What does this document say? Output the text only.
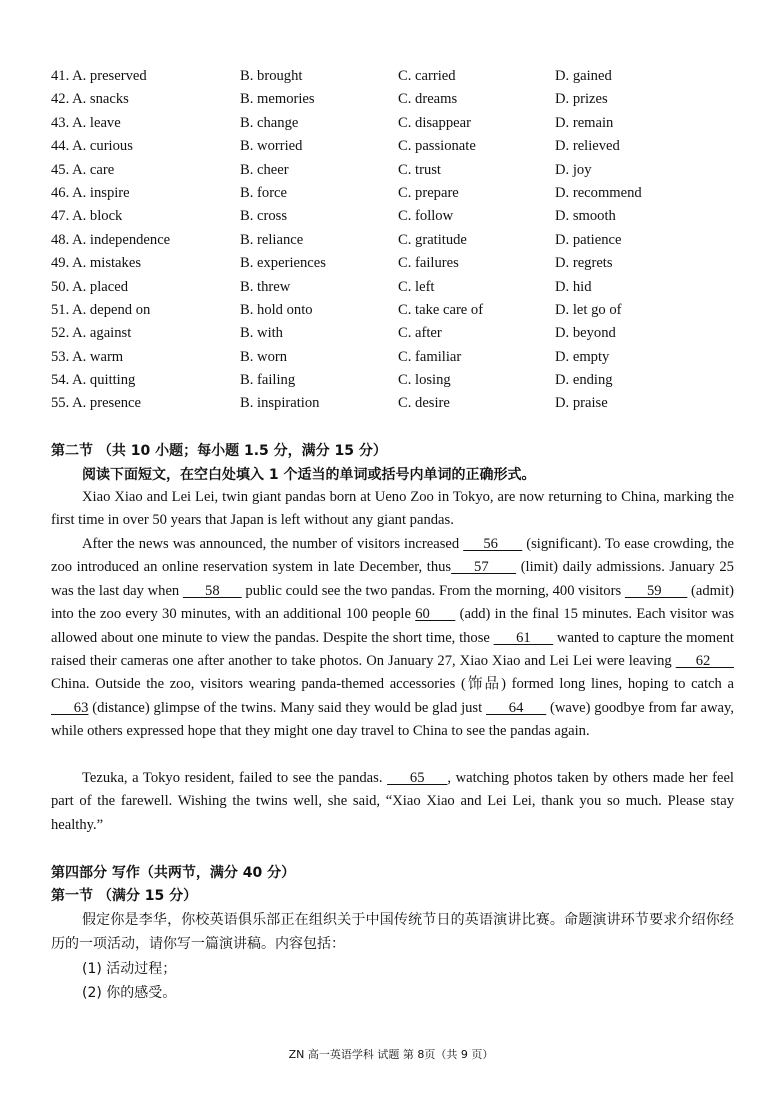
41. A. preserved	B. brought	C. carried	D. gained
42. A. snacks	B. memories	C. dreams	D. prizes
43. A. leave	B. change	C. disappear	D. remain
44. A. curious	B. worried	C. passionate	D. relieved
45. A. care	B. cheer	C. trust	D. joy
46. A. inspire	B. force	C. prepare	D. recommend
47. A. block	B. cross	C. follow	D. smooth
48. A. independence	B. reliance	C. gratitude	D. patience
49. A. mistakes	B. experiences	C. failures	D. regrets
50. A. placed	B. threw	C. left	D. hid
51. A. depend on	B. hold onto	C. take care of	D. let go of
52. A. against	B. with	C. after	D. beyond
53. A. warm	B. worn	C. familiar	D. empty
54. A. quitting	B. failing	C. losing	D. ending
55. A. presence	B. inspiration	C. desire	D. praise
第二节 （共 10 小题；每小题 1.5 分，满分 15 分）
阅读下面短文，在空白处填入 1 个适当的单词或括号内单词的正确形式。
Xiao Xiao and Lei Lei, twin giant pandas born at Ueno Zoo in Tokyo, are now returning to China, marking the first time in over 50 years that Japan is left without any giant pandas.
After the news was announced, the number of visitors increased      56       (significant). To ease crowding, the zoo introduced an online reservation system in late December, thus     57       (limit) daily admissions. January 25 was the last day when       58       public could see the two pandas. From the morning, 400 visitors       59        (admit) into the zoo every 30 minutes, with an additional 100 people 60       (add) in the final 15 minutes. Each visitor was allowed about one minute to view the pandas. Despite the short time, those       61       wanted to capture the moment raised their cameras one after another to take photos. On January 27, Xiao Xiao and Lei Lei were leaving      62       China. Outside the zoo, visitors wearing panda-themed accessories (饰品) formed long lines, hoping to catch a       63 (distance) glimpse of the twins. Many said they would be glad just       64       (wave) goodbye from far away, while others expressed hope that they might one day travel to China to see the pandas again.
Tezuka, a Tokyo resident, failed to see the pandas.      65     , watching photos taken by others made her feel part of the farewell. Wishing the twins well, she said, “Xiao Xiao and Lei Lei, thank you so much. Please stay healthy.”
第四部分 写作（共两节，满分 40 分）
第一节 （满分 15 分）
假定你是李华，你校英语俱乐部正在组织关于中国传统节日的英语演讲比赛。命题演讲环节要求介绍你经历的一项活动，请你写一篇演讲稿。内容包括：
(1) 活动过程；
(2) 你的感受。
ZN 高一英语学科 试题 第 8页（共 9 页）
